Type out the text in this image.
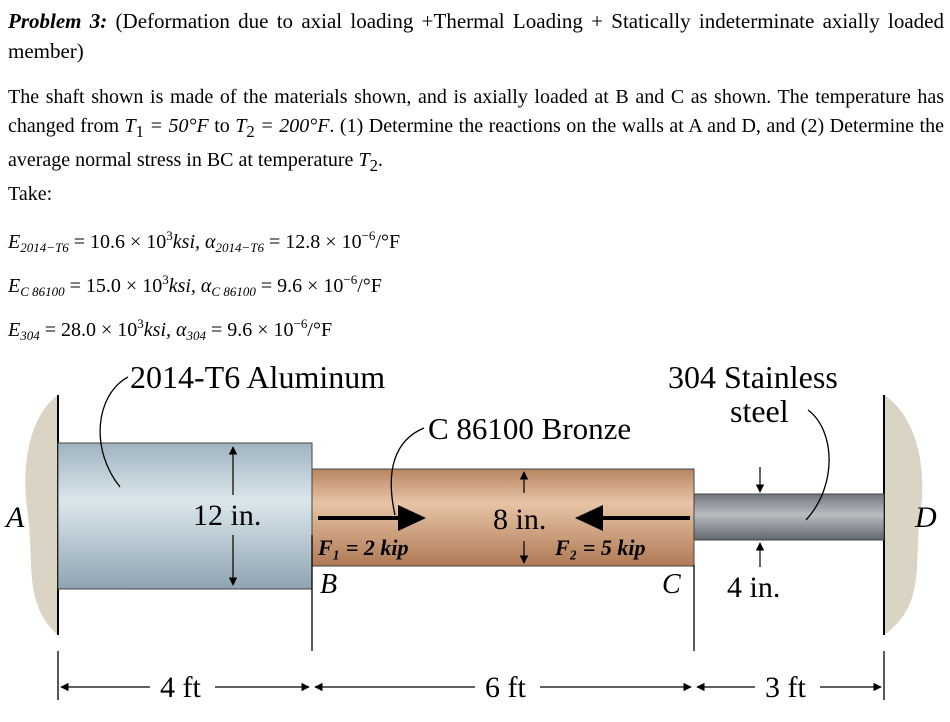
Problem 3: (Deformation due to axial loading +Thermal Loading + Statically indeterminate axially loaded member)
The shaft shown is made of the materials shown, and is axially loaded at B and C as shown. The temperature has changed from $T_1 = 50^\circ F$ to $T_2 = 200^\circ F$. (1) Determine the reactions on the walls at A and D, and (2) Determine the average normal stress in BC at temperature $T_2$.
Take:
$E_{2014-T6} = 10.6 \times 10^3ksi$, $\alpha_{2014-T6} = 12.8 \times 10^{-6}/^\circ F$
$E_{C 86100} = 15.0 \times 10^3ksi$, $\alpha_{C 86100} = 9.6 \times 10^{-6}/^\circ F$
$E_{304} = 28.0 \times 10^3ksi$, $\alpha_{304} = 9.6 \times 10^{-6}/^\circ F$
2014-T6 Aluminum
C 86100 Bronze
304 Stainless
steel
A	D
B	C
12 in.	8 in.
4 in.
F₁ = 2 kip	F₂ = 5 kip
4 ft	6 ft	3 ft
